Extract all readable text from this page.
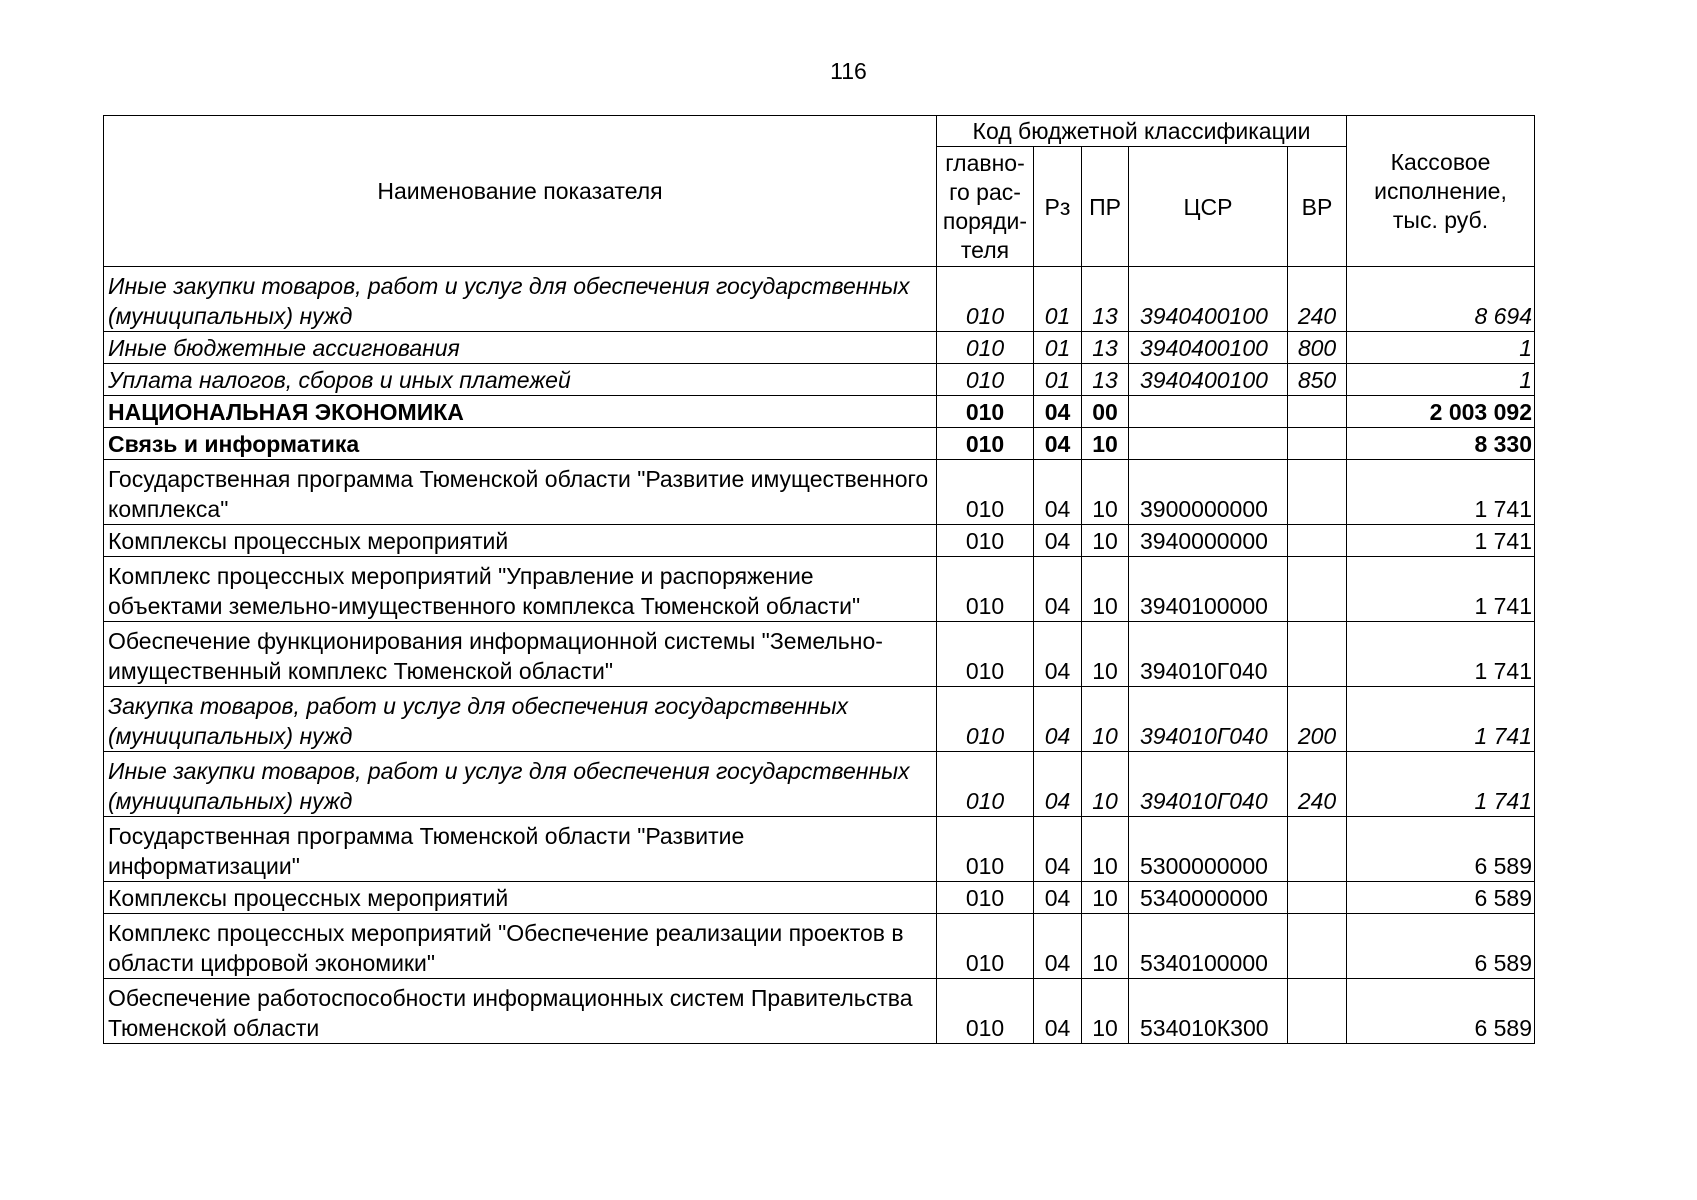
116
Наименование показателя	Код бюджетной классификации					Кассовое исполнение, тыс. руб.
	главно-го рас-поряди-теля	Рз	ПР	ЦСР	ВР	
Иные закупки товаров, работ и услуг для обеспечения государственных (муниципальных) нужд	010	01	13	3940400100	240	8 694
Иные бюджетные ассигнования	010	01	13	3940400100	800	1
Уплата налогов, сборов и иных платежей	010	01	13	3940400100	850	1
НАЦИОНАЛЬНАЯ ЭКОНОМИКА	010	04	00			2 003 092
Связь и информатика	010	04	10			8 330
Государственная программа Тюменской области "Развитие имущественного комплекса"	010	04	10	3900000000		1 741
Комплексы процессных мероприятий	010	04	10	3940000000		1 741
Комплекс процессных мероприятий "Управление и распоряжение объектами земельно-имущественного комплекса Тюменской области"	010	04	10	3940100000		1 741
Обеспечение функционирования информационной системы "Земельно-имущественный комплекс Тюменской области"	010	04	10	394010Г040		1 741
Закупка товаров, работ и услуг для обеспечения государственных (муниципальных) нужд	010	04	10	394010Г040	200	1 741
Иные закупки товаров, работ и услуг для обеспечения государственных (муниципальных) нужд	010	04	10	394010Г040	240	1 741
Государственная программа Тюменской области "Развитие информатизации"	010	04	10	5300000000		6 589
Комплексы процессных мероприятий	010	04	10	5340000000		6 589
Комплекс процессных мероприятий "Обеспечение реализации проектов в области цифровой экономики"	010	04	10	5340100000		6 589
Обеспечение работоспособности информационных систем Правительства Тюменской области	010	04	10	534010К300		6 589
